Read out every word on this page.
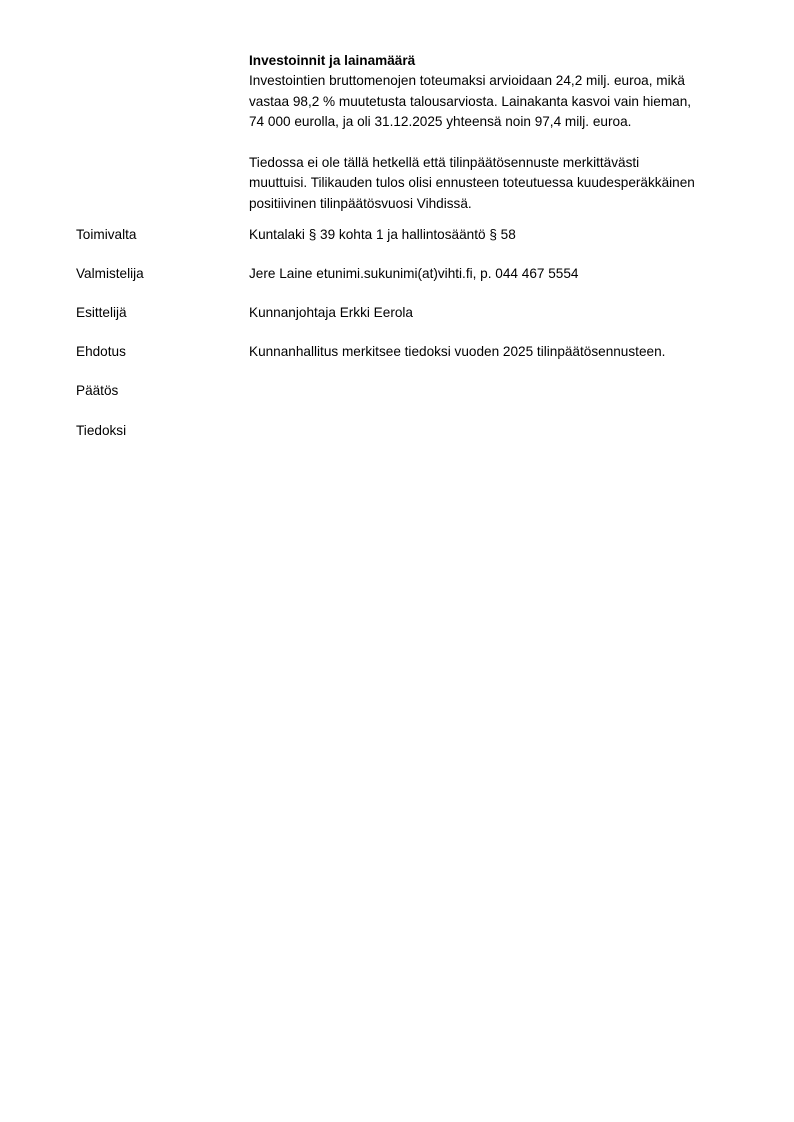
Investoinnit ja lainamäärä

Investointien bruttomenojen toteumaksi arvioidaan 24,2 milj. euroa, mikä
vastaa 98,2 % muutetusta talousarviosta. Lainakanta kasvoi vain hieman,
74 000 eurolla, ja oli 31.12.2025 yhteensä noin 97,4 milj. euroa.

Tiedossa ei ole tällä hetkellä että tilinpäätösennuste merkittävästi
muuttuisi. Tilikauden tulos olisi ennusteen toteutuessa kuudesperäkkäinen
positiivinen tilinpäätösvuosi Vihdissä.

Toimivalta	Kuntalaki § 39 kohta 1 ja hallintosääntö § 58
Valmistelija	Jere Laine etunimi.sukunimi(at)vihti.fi, p. 044 467 5554
Esittelijä	Kunnanjohtaja Erkki Eerola
Ehdotus	Kunnanhallitus merkitsee tiedoksi vuoden 2025 tilinpäätösennusteen.
Päätös
Tiedoksi
